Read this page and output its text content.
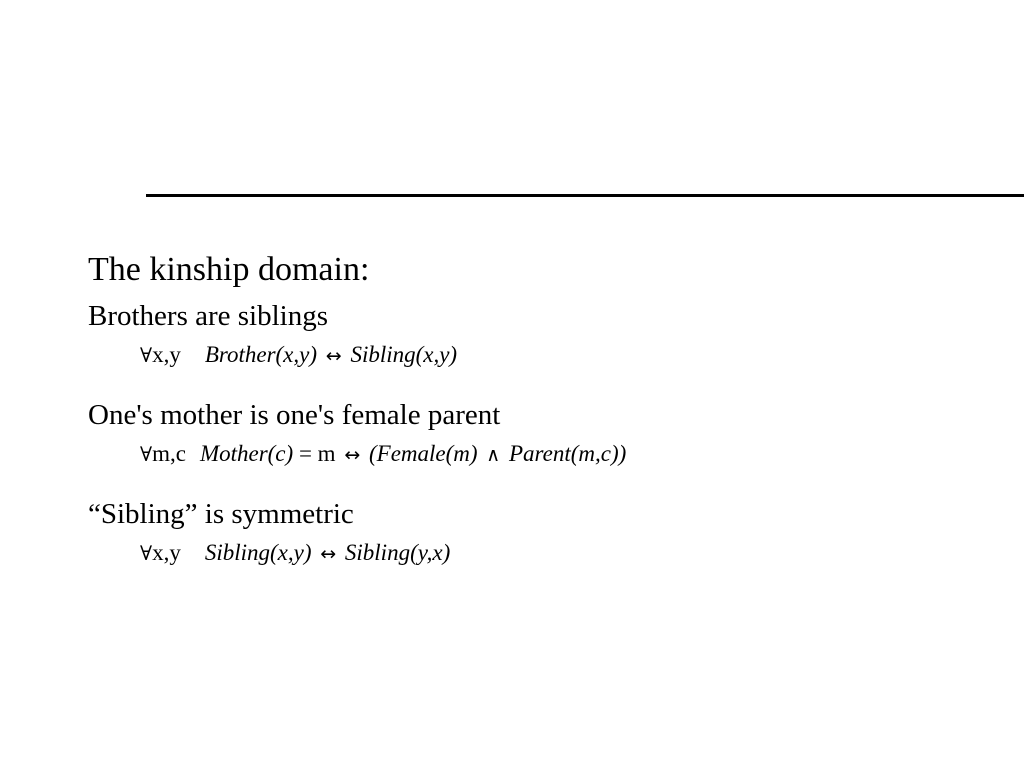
The kinship domain:
Brothers are siblings
∀x,y Brother(x,y) ↔ Sibling(x,y)
One's mother is one's female parent
∀m,c Mother(c) = m ↔ (Female(m) ∧ Parent(m,c))
“Sibling” is symmetric
∀x,y Sibling(x,y) ↔ Sibling(y,x)
